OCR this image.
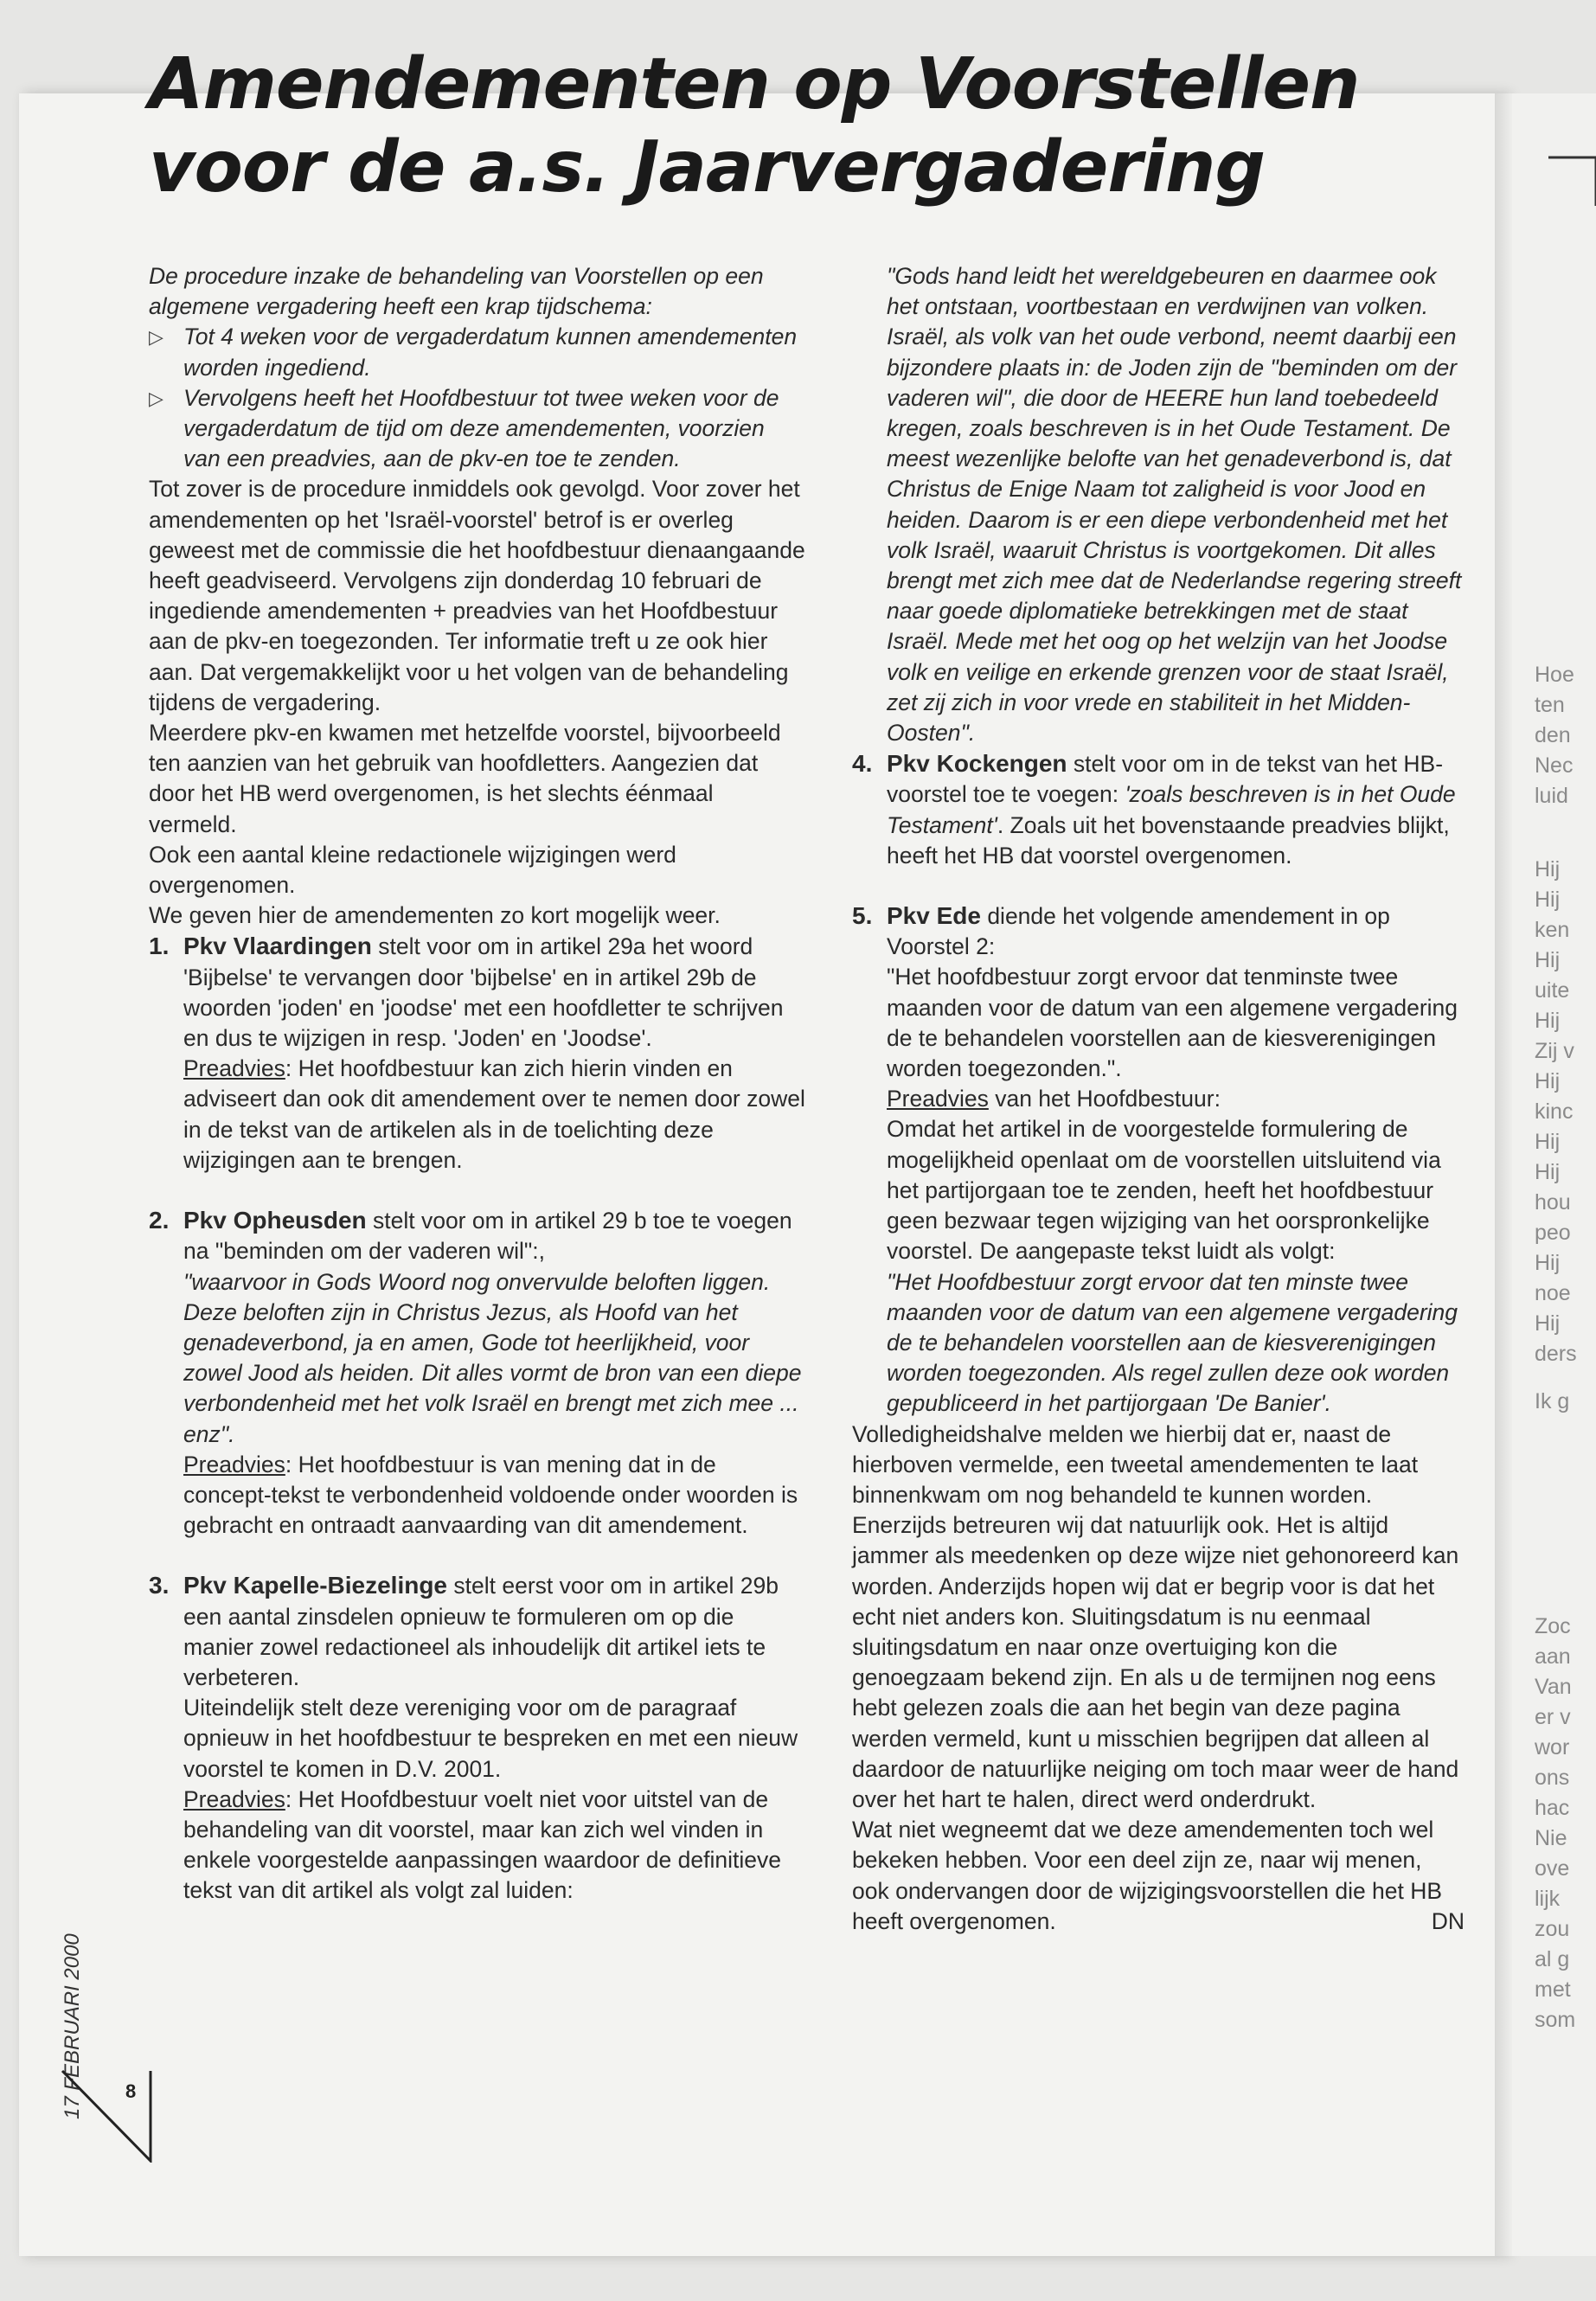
Hoe
ten
den
Nec
luid
Hij
Hij
ken
Hij
uite
Hij
Zij v
Hij
kinc
Hij
Hij
hou
peo
Hij
noe
Hij
ders
Ik g
Zoc
aan
Van
er v
wor
ons
hac
Nie
ove
lijk
zou
al g
met
som
Amendementen op Voorstellen
voor de a.s. Jaarvergadering

De procedure inzake de behandeling van Voorstellen op een algemene vergadering heeft een krap tijdschema:

▷ Tot 4 weken voor de vergaderdatum kunnen amendementen worden ingediend.
▷ Vervolgens heeft het Hoofdbestuur tot twee weken voor de vergaderdatum de tijd om deze amendementen, voorzien van een preadvies, aan de pkv-en toe te zenden.

Tot zover is de procedure inmiddels ook gevolgd. Voor zover het amendementen op het 'Israël-voorstel' betrof is er overleg geweest met de commissie die het hoofdbestuur dienaangaande heeft geadviseerd. Vervolgens zijn donderdag 10 februari de ingediende amendementen + preadvies van het Hoofdbestuur aan de pkv-en toegezonden. Ter informatie treft u ze ook hier aan. Dat vergemakkelijkt voor u het volgen van de behandeling tijdens de vergadering.

Meerdere pkv-en kwamen met hetzelfde voorstel, bijvoorbeeld ten aanzien van het gebruik van hoofdletters. Aangezien dat door het HB werd overgenomen, is het slechts éénmaal vermeld.

Ook een aantal kleine redactionele wijzigingen werd overgenomen.

We geven hier de amendementen zo kort mogelijk weer.

1. Pkv Vlaardingen stelt voor om in artikel 29a het woord 'Bijbelse' te vervangen door 'bijbelse' en in artikel 29b de woorden 'joden' en 'joodse' met een hoofdletter te schrijven en dus te wijzigen in resp. 'Joden' en 'Joodse'.

Preadvies: Het hoofdbestuur kan zich hierin vinden en adviseert dan ook dit amendement over te nemen door zowel in de tekst van de artikelen als in de toelichting deze wijzigingen aan te brengen.

2. Pkv Opheusden stelt voor om in artikel 29 b toe te voegen na "beminden om der vaderen wil":,

"waarvoor in Gods Woord nog onvervulde beloften liggen. Deze beloften zijn in Christus Jezus, als Hoofd van het genadeverbond, ja en amen, Gode tot heerlijkheid, voor zowel Jood als heiden. Dit alles vormt de bron van een diepe verbondenheid met het volk Israël en brengt met zich mee ... enz".

Preadvies: Het hoofdbestuur is van mening dat in de concept-tekst te verbondenheid voldoende onder woorden is gebracht en ontraadt aanvaarding van dit amendement.

3. Pkv Kapelle-Biezelinge stelt eerst voor om in artikel 29b een aantal zinsdelen opnieuw te formuleren om op die manier zowel redactioneel als inhoudelijk dit artikel iets te verbeteren.

Uiteindelijk stelt deze vereniging voor om de paragraaf opnieuw in het hoofdbestuur te bespreken en met een nieuw voorstel te komen in D.V. 2001.

Preadvies: Het Hoofdbestuur voelt niet voor uitstel van de behandeling van dit voorstel, maar kan zich wel vinden in enkele voorgestelde aanpassingen waardoor de definitieve tekst van dit artikel als volgt zal luiden:

"Gods hand leidt het wereldgebeuren en daarmee ook het ontstaan, voortbestaan en verdwijnen van volken. Israël, als volk van het oude verbond, neemt daarbij een bijzondere plaats in: de Joden zijn de "beminden om der vaderen wil", die door de HEERE hun land toebedeeld kregen, zoals beschreven is in het Oude Testament. De meest wezenlijke belofte van het genadeverbond is, dat Christus de Enige Naam tot zaligheid is voor Jood en heiden. Daarom is er een diepe verbondenheid met het volk Israël, waaruit Christus is voortgekomen. Dit alles brengt met zich mee dat de Nederlandse regering streeft naar goede diplomatieke betrekkingen met de staat Israël. Mede met het oog op het welzijn van het Joodse volk en veilige en erkende grenzen voor de staat Israël, zet zij zich in voor vrede en stabiliteit in het Midden-Oosten".

4. Pkv Kockengen stelt voor om in de tekst van het HB-voorstel toe te voegen: 'zoals beschreven is in het Oude Testament'. Zoals uit het bovenstaande preadvies blijkt, heeft het HB dat voorstel overgenomen.
5. Pkv Ede diende het volgende amendement in op Voorstel 2:

"Het hoofdbestuur zorgt ervoor dat tenminste twee maanden voor de datum van een algemene vergadering de te behandelen voorstellen aan de kiesverenigingen worden toegezonden.".

Preadvies van het Hoofdbestuur:

Omdat het artikel in de voorgestelde formulering de mogelijkheid openlaat om de voorstellen uitsluitend via het partijorgaan toe te zenden, heeft het hoofdbestuur geen bezwaar tegen wijziging van het oorspronkelijke voorstel. De aangepaste tekst luidt als volgt:

"Het Hoofdbestuur zorgt ervoor dat ten minste twee maanden voor de datum van een algemene vergadering de te behandelen voorstellen aan de kiesverenigingen worden toegezonden. Als regel zullen deze ook worden gepubliceerd in het partijorgaan 'De Banier'.

Volledigheidshalve melden we hierbij dat er, naast de hierboven vermelde, een tweetal amendementen te laat binnenkwam om nog behandeld te kunnen worden.

Enerzijds betreuren wij dat natuurlijk ook. Het is altijd jammer als meedenken op deze wijze niet gehonoreerd kan worden. Anderzijds hopen wij dat er begrip voor is dat het echt niet anders kon. Sluitingsdatum is nu eenmaal sluitingsdatum en naar onze overtuiging kon die genoegzaam bekend zijn. En als u de termijnen nog eens hebt gelezen zoals die aan het begin van deze pagina werden vermeld, kunt u misschien begrijpen dat alleen al daardoor de natuurlijke neiging om toch maar weer de hand over het hart te halen, direct werd onderdrukt.

Wat niet wegneemt dat we deze amendementen toch wel bekeken hebben. Voor een deel zijn ze, naar wij menen, ook ondervangen door de wijzigingsvoorstellen die het HB heeft overgenomen.	DN

17 FEBRUARI 2000 8
